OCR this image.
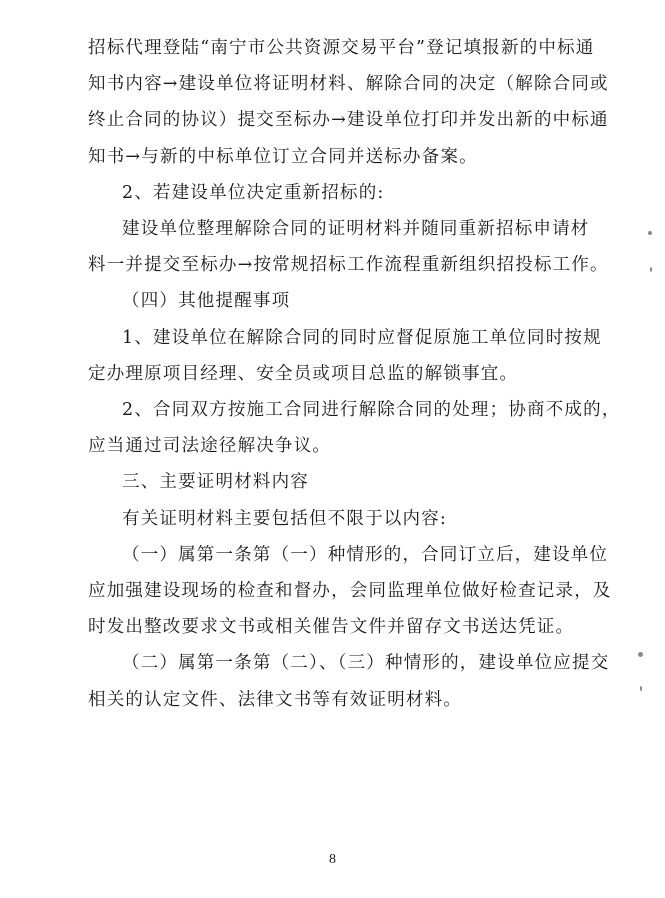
招标代理登陆“南宁市公共资源交易平台”登记填报新的中标通
知书内容→建设单位将证明材料、解除合同的决定（解除合同或
终止合同的协议）提交至标办→建设单位打印并发出新的中标通
知书→与新的中标单位订立合同并送标办备案。
2、若建设单位决定重新招标的:
建设单位整理解除合同的证明材料并随同重新招标申请材
料一并提交至标办→按常规招标工作流程重新组织招投标工作。
（四）其他提醒事项
1、建设单位在解除合同的同时应督促原施工单位同时按规
定办理原项目经理、安全员或项目总监的解锁事宜。
2、合同双方按施工合同进行解除合同的处理；协商不成的，
应当通过司法途径解决争议。
三、主要证明材料内容
有关证明材料主要包括但不限于以内容:
（一）属第一条第（一）种情形的，合同订立后，建设单位
应加强建设现场的检查和督办，会同监理单位做好检查记录，及
时发出整改要求文书或相关催告文件并留存文书送达凭证。
（二）属第一条第（二）、（三）种情形的，建设单位应提交
相关的认定文件、法律文书等有效证明材料。
8
